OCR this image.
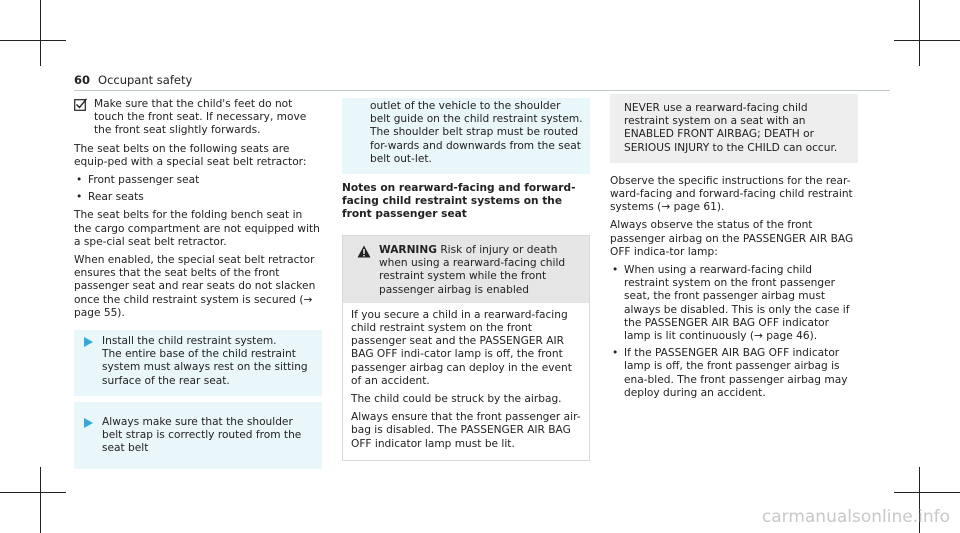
60 Occupant safety
Make sure that the child's feet do not touch the front seat. If necessary, move the front seat slightly forwards.

The seat belts on the following seats are equip-ped with a special seat belt retractor:

• Front passenger seat
• Rear seats

The seat belts for the folding bench seat in the cargo compartment are not equipped with a spe-cial seat belt retractor.

When enabled, the special seat belt retractor ensures that the seat belts of the front passenger seat and rear seats do not slacken once the child restraint system is secured (→ page 55).

Install the child restraint system.
The entire base of the child restraint system must always rest on the sitting surface of the rear seat.
Always make sure that the shoulder belt strap is correctly routed from the seat belt
outlet of the vehicle to the shoulder belt guide on the child restraint system.
The shoulder belt strap must be routed for-wards and downwards from the seat belt out-let.
Notes on rearward-facing and forward-facing child restraint systems on the front passenger seat
WARNING Risk of injury or death when using a rearward-facing child restraint system while the front passenger airbag is enabled

If you secure a child in a rearward-facing child restraint system on the front passenger seat and the PASSENGER AIR BAG OFF indi-cator lamp is off, the front passenger airbag can deploy in the event of an accident.

The child could be struck by the airbag.

Always ensure that the front passenger air-bag is disabled. The PASSENGER AIR BAG OFF indicator lamp must be lit.

NEVER use a rearward-facing child restraint system on a seat with an ENABLED FRONT AIRBAG; DEATH or SERIOUS INJURY to the CHILD can occur.

Observe the specific instructions for the rear-ward-facing and forward-facing child restraint systems (→ page 61).

Always observe the status of the front passenger airbag on the PASSENGER AIR BAG OFF indica-tor lamp:

• When using a rearward-facing child restraint system on the front passenger seat, the front passenger airbag must always be disabled. This is only the case if the PASSENGER AIR BAG OFF indicator lamp is lit continuously (→ page 46).
• If the PASSENGER AIR BAG OFF indicator lamp is off, the front passenger airbag is ena-bled. The front passenger airbag may deploy during an accident.
carmanualsonline.info
